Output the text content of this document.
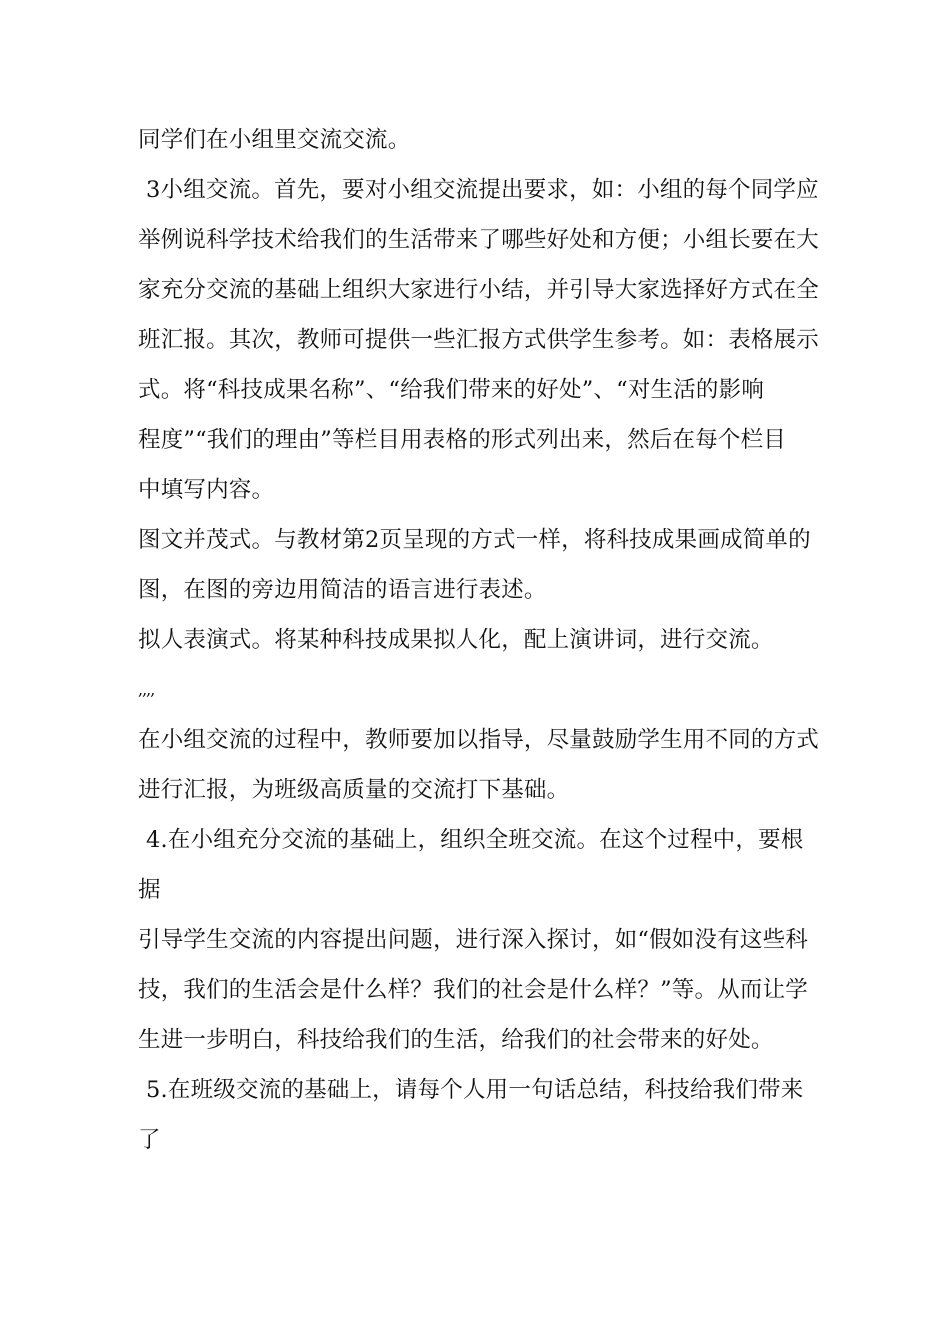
同学们在小组里交流交流。
3小组交流。首先，要对小组交流提出要求，如：小组的每个同学应
举例说科学技术给我们的生活带来了哪些好处和方便；小组长要在大
家充分交流的基础上组织大家进行小结，并引导大家选择好方式在全
班汇报。其次，教师可提供一些汇报方式供学生参考。如：表格展示
式。将“科技成果名称”、“给我们带来的好处”、“对生活的影响
程度”“我们的理由”等栏目用表格的形式列出来，然后在每个栏目
中填写内容。
图文并茂式。与教材第2页呈现的方式一样，将科技成果画成简单的
图，在图的旁边用简洁的语言进行表述。
拟人表演式。将某种科技成果拟人化，配上演讲词，进行交流。
,,,,
在小组交流的过程中，教师要加以指导，尽量鼓励学生用不同的方式
进行汇报，为班级高质量的交流打下基础。
4.在小组充分交流的基础上，组织全班交流。在这个过程中，要根
据
引导学生交流的内容提出问题，进行深入探讨，如“假如没有这些科
技，我们的生活会是什么样？我们的社会是什么样？”等。从而让学
生进一步明白，科技给我们的生活，给我们的社会带来的好处。
5.在班级交流的基础上，请每个人用一句话总结，科技给我们带来
了
